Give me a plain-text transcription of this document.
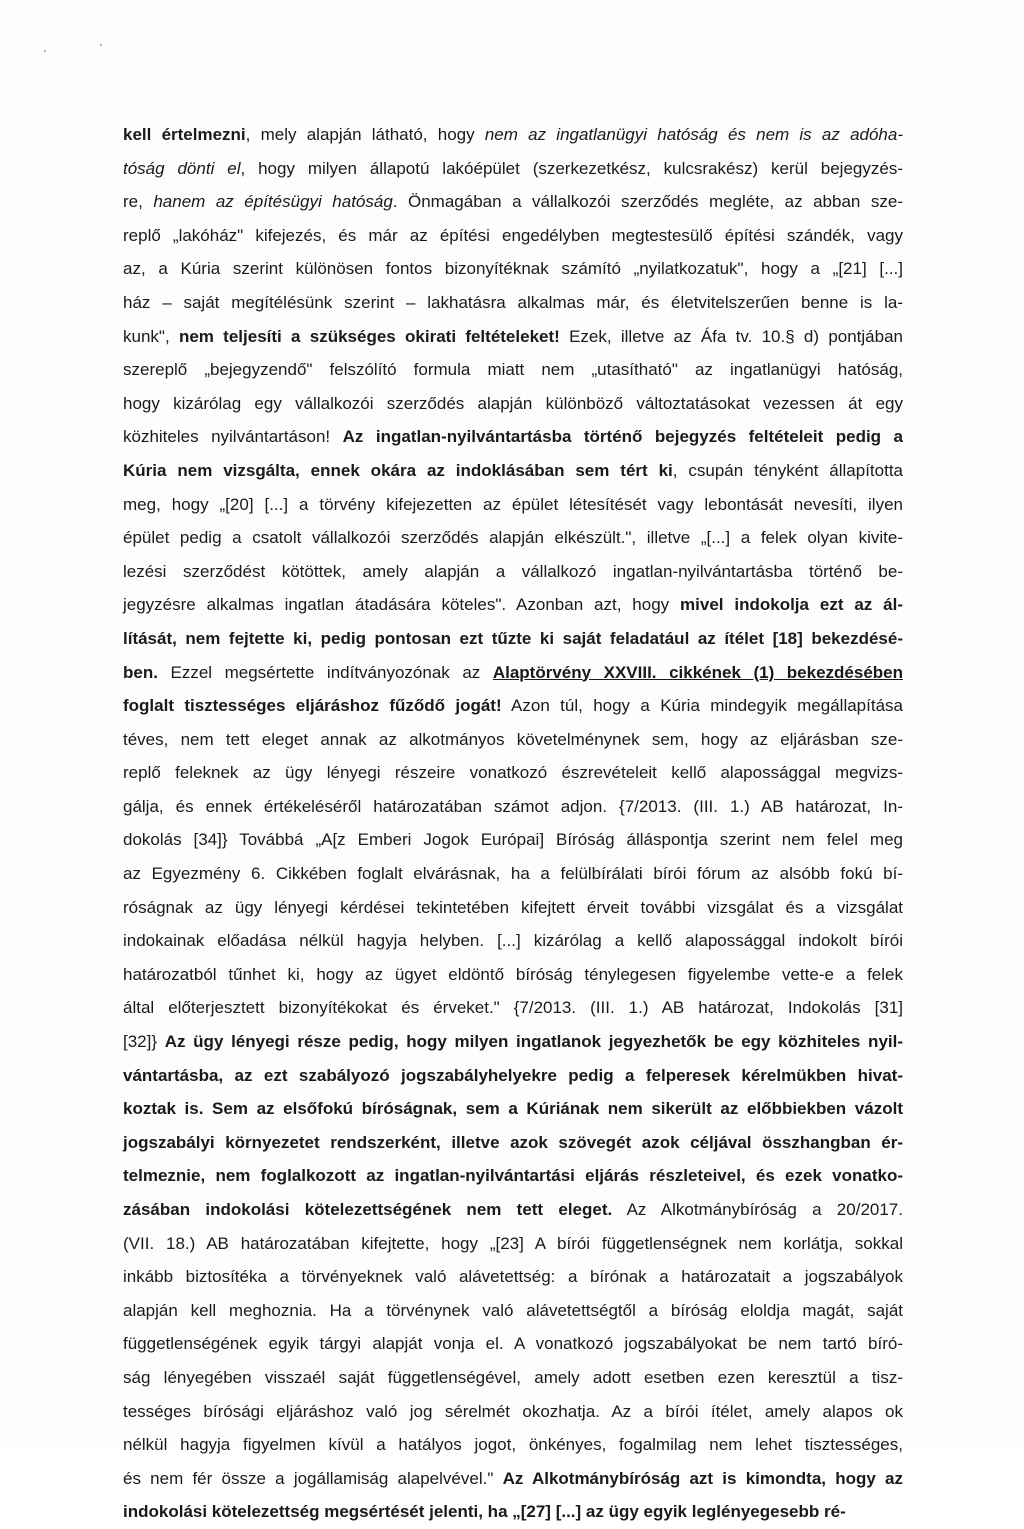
kell értelmezni, mely alapján látható, hogy nem az ingatlanügyi hatóság és nem is az adóha-
tóság dönti el, hogy milyen állapotú lakóépület (szerkezetkész, kulcsrakész) kerül bejegyzés-
re, hanem az építésügyi hatóság. Önmagában a vállalkozói szerződés megléte, az abban sze-
replő „lakóház" kifejezés, és már az építési engedélyben megtestesülő építési szándék, vagy
az, a Kúria szerint különösen fontos bizonyítéknak számító „nyilatkozatuk", hogy a „[21] [...]
ház – saját megítélésünk szerint – lakhatásra alkalmas már, és életvitelszerűen benne is la-
kunk", nem teljesíti a szükséges okirati feltételeket! Ezek, illetve az Áfa tv. 10.§ d) pontjában
szereplő „bejegyzendő" felszólító formula miatt nem „utasítható" az ingatlanügyi hatóság,
hogy kizárólag egy vállalkozói szerződés alapján különböző változtatásokat vezessen át egy
közhiteles nyilvántartáson! Az ingatlan-nyilvántartásba történő bejegyzés feltételeit pedig a
Kúria nem vizsgálta, ennek okára az indoklásában sem tért ki, csupán tényként állapította
meg, hogy „[20] [...] a törvény kifejezetten az épület létesítését vagy lebontását nevesíti, ilyen
épület pedig a csatolt vállalkozói szerződés alapján elkészült.", illetve „[...] a felek olyan kivite-
lezési szerződést kötöttek, amely alapján a vállalkozó ingatlan-nyilvántartásba történő be-
jegyzésre alkalmas ingatlan átadására köteles". Azonban azt, hogy mivel indokolja ezt az ál-
lítását, nem fejtette ki, pedig pontosan ezt tűzte ki saját feladatául az ítélet [18] bekezdésé-
ben. Ezzel megsértette indítványozónak az Alaptörvény XXVIII. cikkének (1) bekezdésében
foglalt tisztességes eljáráshoz fűződő jogát! Azon túl, hogy a Kúria mindegyik megállapítása
téves, nem tett eleget annak az alkotmányos követelménynek sem, hogy az eljárásban sze-
replő feleknek az ügy lényegi részeire vonatkozó észrevételeit kellő alapossággal megvizs-
gálja, és ennek értékeléséről határozatában számot adjon. {7/2013. (III. 1.) AB határozat, In-
dokolás [34]} Továbbá „A[z Emberi Jogok Európai] Bíróság álláspontja szerint nem felel meg
az Egyezmény 6. Cikkében foglalt elvárásnak, ha a felülbírálati bírói fórum az alsóbb fokú bí-
róságnak az ügy lényegi kérdései tekintetében kifejtett érveit további vizsgálat és a vizsgálat
indokainak előadása nélkül hagyja helyben. [...] kizárólag a kellő alapossággal indokolt bírói
határozatból tűnhet ki, hogy az ügyet eldöntő bíróság ténylegesen figyelembe vette-e a felek
által előterjesztett bizonyítékokat és érveket." {7/2013. (III. 1.) AB határozat, Indokolás [31]
[32]} Az ügy lényegi része pedig, hogy milyen ingatlanok jegyezhetők be egy közhiteles nyil-
vántartásba, az ezt szabályozó jogszabályhelyekre pedig a felperesek kérelmükben hivat-
koztak is. Sem az elsőfokú bíróságnak, sem a Kúriának nem sikerült az előbbiekben vázolt
jogszabályi környezetet rendszerként, illetve azok szövegét azok céljával összhangban ér-
telmeznie, nem foglalkozott az ingatlan-nyilvántartási eljárás részleteivel, és ezek vonatko-
zásában indokolási kötelezettségének nem tett eleget. Az Alkotmánybíróság a 20/2017.
(VII. 18.) AB határozatában kifejtette, hogy „[23] A bírói függetlenségnek nem korlátja, sokkal
inkább biztosítéka a törvényeknek való alávetettség: a bírónak a határozatait a jogszabályok
alapján kell meghoznia. Ha a törvénynek való alávetettségtől a bíróság eloldja magát, saját
függetlenségének egyik tárgyi alapját vonja el. A vonatkozó jogszabályokat be nem tartó bíró-
ság lényegében visszaél saját függetlenségével, amely adott esetben ezen keresztül a tisz-
tességes bírósági eljáráshoz való jog sérelmét okozhatja. Az a bírói ítélet, amely alapos ok
nélkül hagyja figyelmen kívül a hatályos jogot, önkényes, fogalmilag nem lehet tisztességes,
és nem fér össze a jogállamiság alapelvével." Az Alkotmánybíróság azt is kimondta, hogy az
indokolási kötelezettség megsértését jelenti, ha „[27] [...] az ügy egyik leglényegesebb ré-
